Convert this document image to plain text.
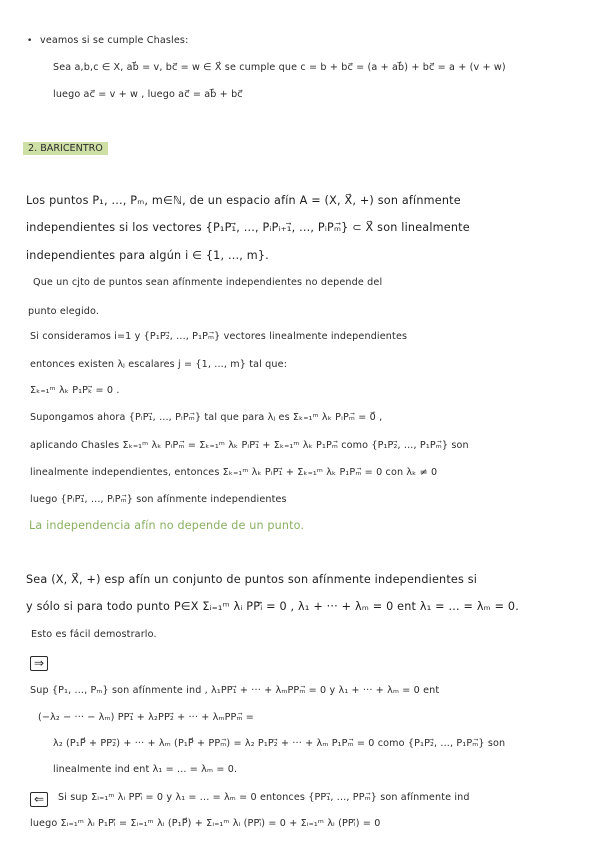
• veamos si se cumple Chasles:
Sea a,b,c ∈ X, ab⃗ = v, bc⃗ = w ∈ X⃗ se cumple que c = b + bc⃗ = (a + ab⃗) + bc⃗ = a + (v + w)
luego ac⃗ = v + w , luego ac⃗ = ab⃗ + bc⃗
2. BARICENTRO
Los puntos P₁, ..., Pₘ, m∈ℕ, de un espacio afín A = (X, X⃗, +) son afínmente
independientes si los vectores {P₁P₁⃗, ..., PᵢPᵢ₊₁⃗, ..., PᵢPₘ⃗} ⊂ X⃗ son linealmente
independientes para algún i ∈ {1, ..., m}.
Que un cjto de puntos sean afínmente independientes no depende del
punto elegido.
Si consideramos i=1 y {P₁P₂⃗, ..., P₁Pₘ⃗} vectores linealmente independientes
entonces existen λⱼ escalares j = {1, ..., m} tal que:
Σₖ₌₁ᵐ λₖ P₁Pₖ⃗ = 0 .
Supongamos ahora {PᵢP₁⃗, ..., PᵢPₘ⃗} tal que para λⱼ es Σₖ₌₁ᵐ λₖ PᵢPₘ⃗ = 0⃗ ,
aplicando Chasles Σₖ₌₁ᵐ λₖ PᵢPₘ⃗ = Σₖ₌₁ᵐ λₖ PᵢP₁⃗ + Σₖ₌₁ᵐ λₖ P₁Pₘ⃗ como {P₁P₂⃗, ..., P₁Pₘ⃗} son
linealmente independientes, entonces Σₖ₌₁ᵐ λₖ PᵢP₁⃗ + Σₖ₌₁ᵐ λₖ P₁Pₘ⃗ = 0 con λₖ ≠ 0
luego {PᵢP₁⃗, ..., PᵢPₘ⃗} son afínmente independientes
La independencia afín no depende de un punto.
Sea (X, X⃗, +) esp afín un conjunto de puntos son afínmente independientes si
y sólo si para todo punto P∈X Σᵢ₌₁ᵐ λᵢ PPᵢ⃗ = 0 , λ₁ + ··· + λₘ = 0 ent λ₁ = ... = λₘ = 0.
Esto es fácil demostrarlo.
⇒
Sup {P₁, ..., Pₘ} son afínmente ind , λ₁PP₁⃗ + ··· + λₘPPₘ⃗ = 0 y λ₁ + ··· + λₘ = 0 ent
(−λ₂ − ··· − λₘ) PP₁⃗ + λ₂PP₂⃗ + ··· + λₘPPₘ⃗ =
λ₂ (P₁P⃗ + PP₂⃗) + ··· + λₘ (P₁P⃗ + PPₘ⃗) = λ₂ P₁P₂⃗ + ··· + λₘ P₁Pₘ⃗ = 0 como {P₁P₂⃗, ..., P₁Pₘ⃗} son
linealmente ind ent λ₁ = ... = λₘ = 0.
⇐	Si sup Σᵢ₌₁ᵐ λᵢ PPᵢ⃗ = 0 y λ₁ = ... = λₘ = 0 entonces {PP₁⃗, ..., PPₘ⃗} son afínmente ind
luego Σᵢ₌₁ᵐ λᵢ P₁Pᵢ⃗ = Σᵢ₌₁ᵐ λᵢ (P₁P⃗) + Σᵢ₌₁ᵐ λᵢ (PPᵢ⃗) = 0 + Σᵢ₌₁ᵐ λᵢ (PPᵢ⃗) = 0
